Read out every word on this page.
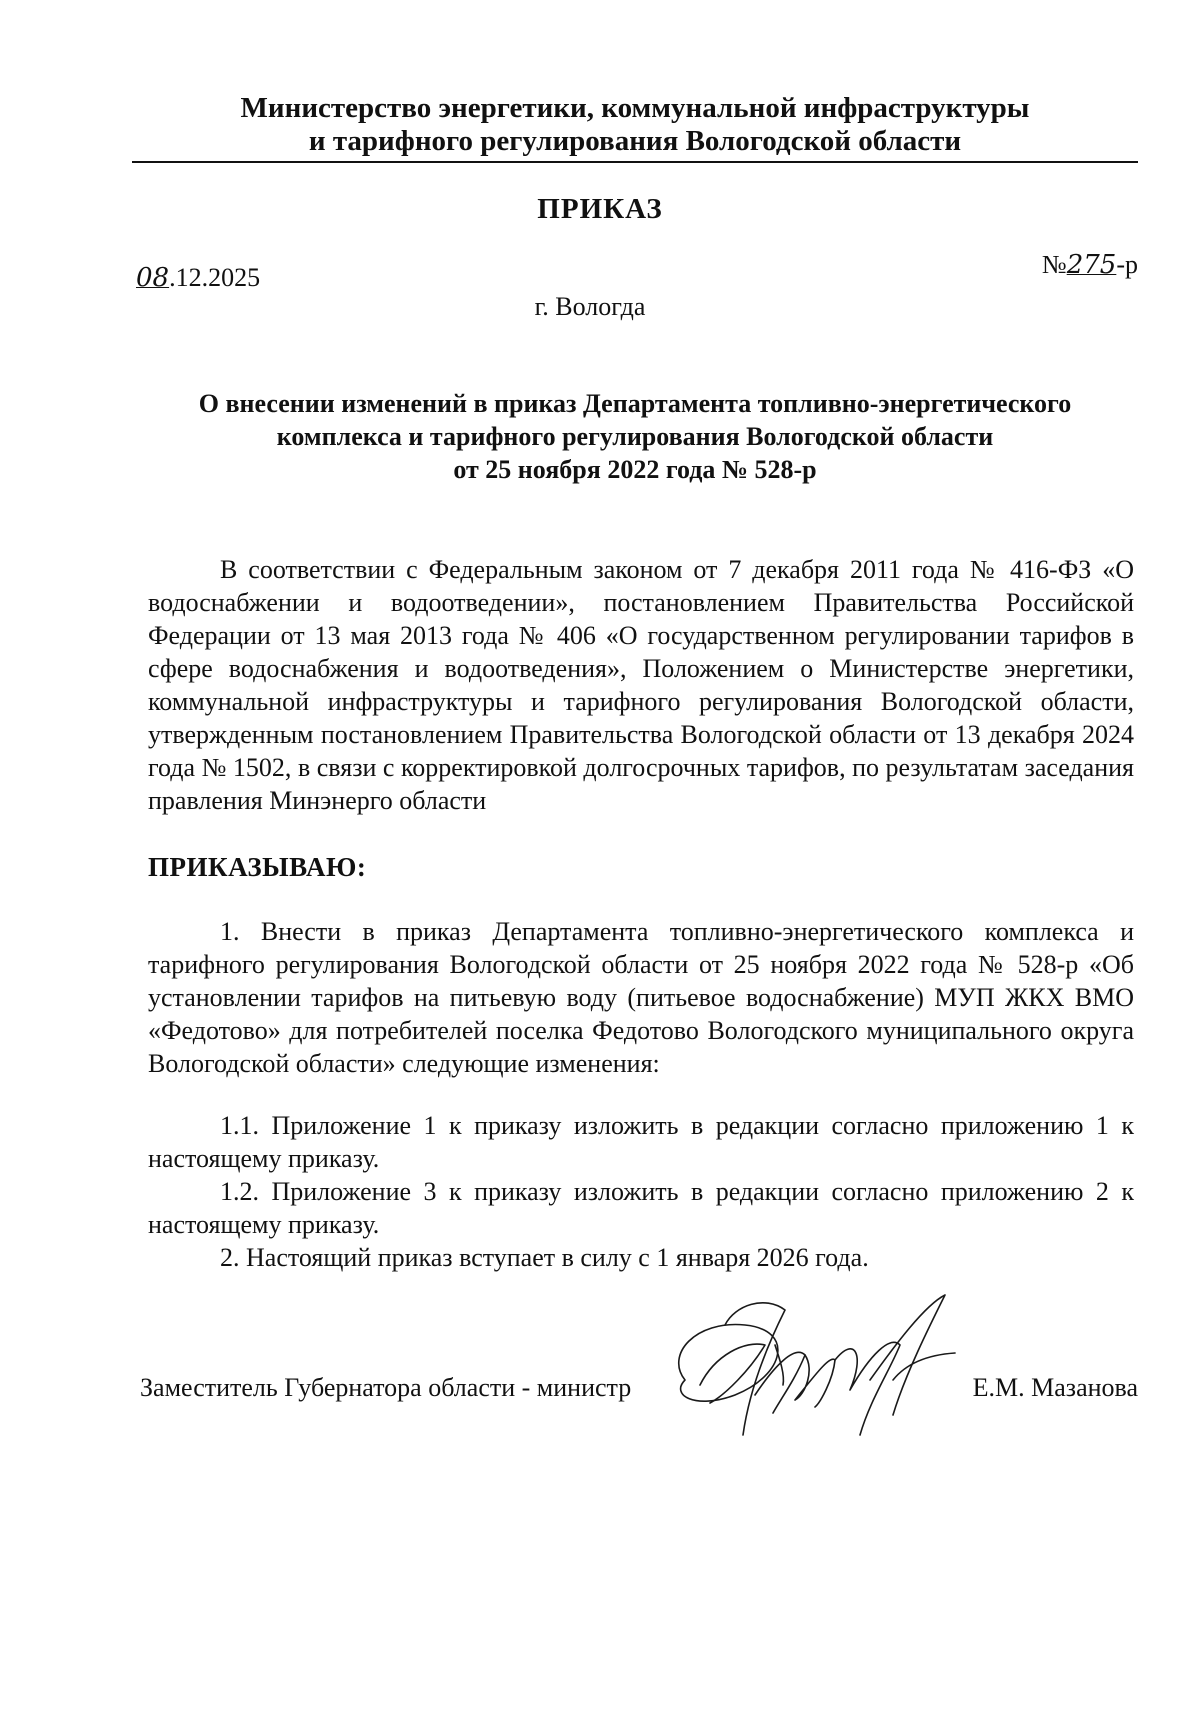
Министерство энергетики, коммунальной инфраструктуры
и тарифного регулирования Вологодской области
ПРИКАЗ
08.12.2025	№275-р
г. Вологда
О внесении изменений в приказ Департамента топливно-энергетического
комплекса и тарифного регулирования Вологодской области
от 25 ноября 2022 года № 528-р
В соответствии с Федеральным законом от 7 декабря 2011 года № 416-ФЗ «О водоснабжении и водоотведении», постановлением Правительства Российской Федерации от 13 мая 2013 года № 406 «О государственном регулировании тарифов в сфере водоснабжения и водоотведения», Положением о Министерстве энергетики, коммунальной инфраструктуры и тарифного регулирования Вологодской области, утвержденным постановлением Правительства Вологодской области от 13 декабря 2024 года № 1502, в связи с корректировкой долгосрочных тарифов, по результатам заседания правления Минэнерго области
ПРИКАЗЫВАЮ:
1. Внести в приказ Департамента топливно-энергетического комплекса и тарифного регулирования Вологодской области от 25 ноября 2022 года № 528-р «Об установлении тарифов на питьевую воду (питьевое водоснабжение) МУП ЖКХ ВМО «Федотово» для потребителей поселка Федотово Вологодского муниципального округа Вологодской области» следующие изменения:
1.1. Приложение 1 к приказу изложить в редакции согласно приложению 1 к настоящему приказу.
1.2. Приложение 3 к приказу изложить в редакции согласно приложению 2 к настоящему приказу.
2. Настоящий приказ вступает в силу с 1 января 2026 года.
Заместитель Губернатора области - министр	Е.М. Мазанова
